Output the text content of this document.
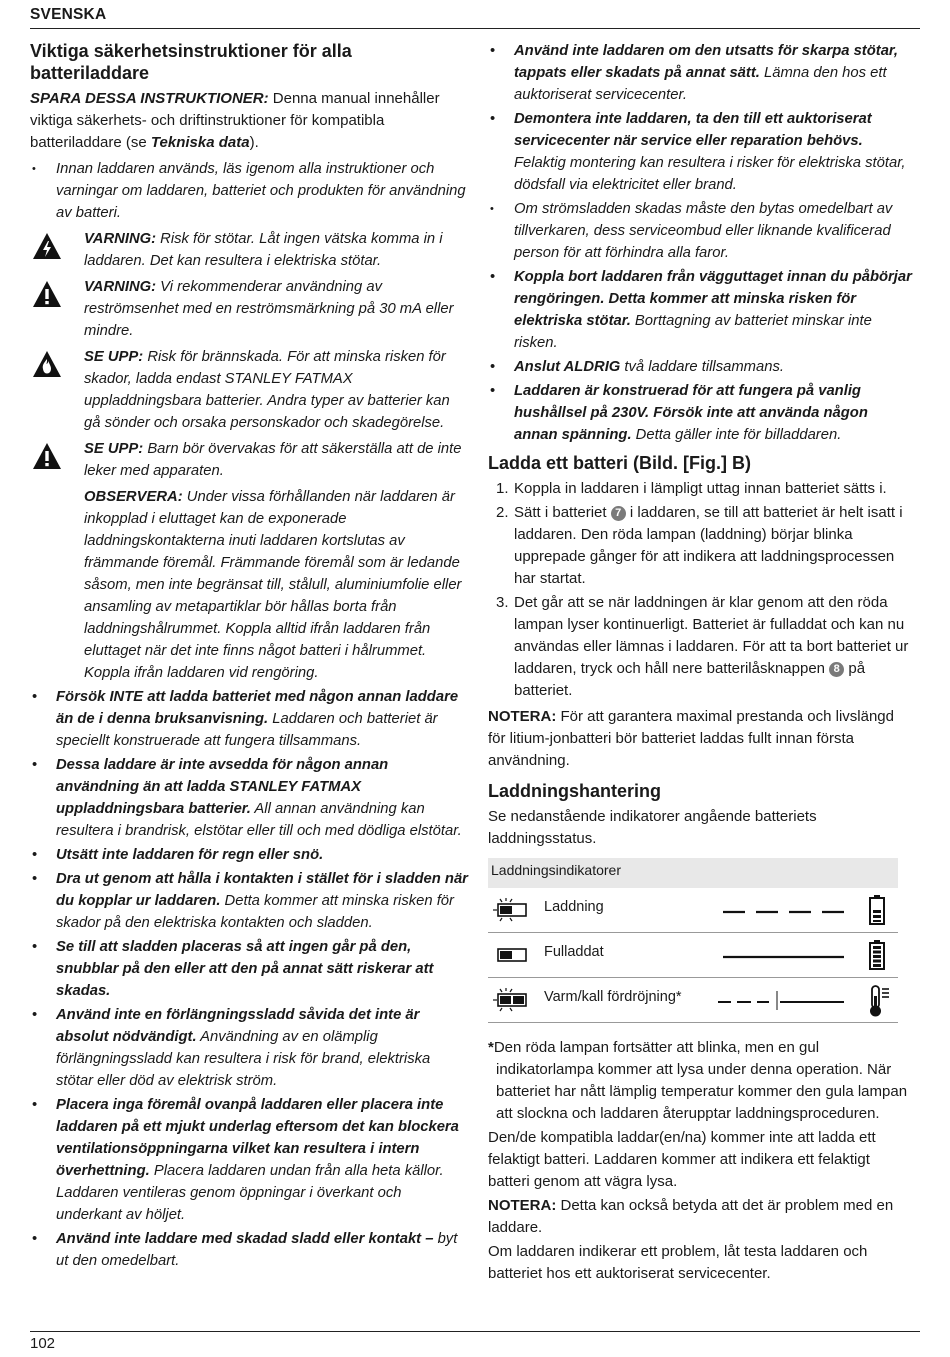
SVENSKA
Viktiga säkerhetsinstruktioner för alla batteriladdare

SPARA DESSA INSTRUKTIONER: Denna manual innehåller viktiga säkerhets- och driftinstruktioner för kompatibla batteriladdare (se Tekniska data).

• Innan laddaren används, läs igenom alla instruktioner och varningar om laddaren, batteriet och produkten för användning av batteri.
VARNING: Risk för stötar. Låt ingen vätska komma in i laddaren. Det kan resultera i elektriska stötar.
VARNING: Vi rekommenderar användning av reströmsenhet med en reströmsmärkning på 30 mA eller mindre.
SE UPP: Risk för brännskada. För att minska risken för skador, ladda endast STANLEY FATMAX uppladdningsbara batterier. Andra typer av batterier kan gå sönder och orsaka personskador och skadegörelse.
SE UPP: Barn bör övervakas för att säkerställa att de inte leker med apparaten.

OBSERVERA: Under vissa förhållanden när laddaren är inkopplad i eluttaget kan de exponerade laddningskontakterna inuti laddaren kortslutas av främmande föremål. Främmande föremål som är ledande såsom, men inte begränsat till, stålull, aluminiumfolie eller ansamling av metapartiklar bör hållas borta från laddningshålrummet. Koppla alltid ifrån laddaren från eluttaget när det inte finns något batteri i hålrummet. Koppla ifrån laddaren vid rengöring.

• Försök INTE att ladda batteriet med någon annan laddare än de i denna bruksanvisning. Laddaren och batteriet är speciellt konstruerade att fungera tillsammans.
• Dessa laddare är inte avsedda för någon annan användning än att ladda STANLEY FATMAX uppladdningsbara batterier. All annan användning kan resultera i brandrisk, elstötar eller till och med dödliga elstötar.
• Utsätt inte laddaren för regn eller snö.
• Dra ut genom att hålla i kontakten i stället för i sladden när du kopplar ur laddaren. Detta kommer att minska risken för skador på den elektriska kontakten och sladden.
• Se till att sladden placeras så att ingen går på den, snubblar på den eller att den på annat sätt riskerar att skadas.
• Använd inte en förlängningssladd såvida det inte är absolut nödvändigt. Användning av en olämplig förlängningssladd kan resultera i risk för brand, elektriska stötar eller död av elektrisk ström.
• Placera inga föremål ovanpå laddaren eller placera inte laddaren på ett mjukt underlag eftersom det kan blockera ventilationsöppningarna vilket kan resultera i intern överhettning. Placera laddaren undan från alla heta källor. Laddaren ventileras genom öppningar i överkant och underkant av höljet.
• Använd inte laddare med skadad sladd eller kontakt – byt ut den omedelbart.
• Använd inte laddaren om den utsatts för skarpa stötar, tappats eller skadats på annat sätt. Lämna den hos ett auktoriserat servicecenter.
• Demontera inte laddaren, ta den till ett auktoriserat servicecenter när service eller reparation behövs. Felaktig montering kan resultera i risker för elektriska stötar, dödsfall via elektricitet eller brand.
• Om strömsladden skadas måste den bytas omedelbart av tillverkaren, dess serviceombud eller liknande kvalificerad person för att förhindra alla faror.
• Koppla bort laddaren från vägguttaget innan du påbörjar rengöringen. Detta kommer att minska risken för elektriska stötar. Borttagning av batteriet minskar inte risken.
• Anslut ALDRIG två laddare tillsammans.
• Laddaren är konstruerad för att fungera på vanlig hushållsel på 230V. Försök inte att använda någon annan spänning. Detta gäller inte för billaddaren.
Ladda ett batteri (Bild. [Fig.] B)
1. Koppla in laddaren i lämpligt uttag innan batteriet sätts i.
2. Sätt i batteriet 7 i laddaren, se till att batteriet är helt isatt i laddaren. Den röda lampan (laddning) börjar blinka upprepade gånger för att indikera att laddningsprocessen har startat.
3. Det går att se när laddningen är klar genom att den röda lampan lyser kontinuerligt. Batteriet är fulladdat och kan nu användas eller lämnas i laddaren. För att ta bort batteriet ur laddaren, tryck och håll nere batterilåsknappen 8 på batteriet.

NOTERA: För att garantera maximal prestanda och livslängd för litium-jonbatteri bör batteriet laddas fullt innan första användning.

Laddningshantering

Se nedanstående indikatorer angående batteriets laddningsstatus.

Laddningsindikatorer
Laddning
Fulladdat
Varm/kall fördröjning*

*Den röda lampan fortsätter att blinka, men en gul indikatorlampa kommer att lysa under denna operation. När batteriet har nått lämplig temperatur kommer den gula lampan att slockna och laddaren återupptar laddningsproceduren.

Den/de kompatibla laddar(en/na) kommer inte att ladda ett felaktigt batteri. Laddaren kommer att indikera ett felaktigt batteri genom att vägra lysa.

NOTERA: Detta kan också betyda att det är problem med en laddare.

Om laddaren indikerar ett problem, låt testa laddaren och batteriet hos ett auktoriserat servicecenter.

102
